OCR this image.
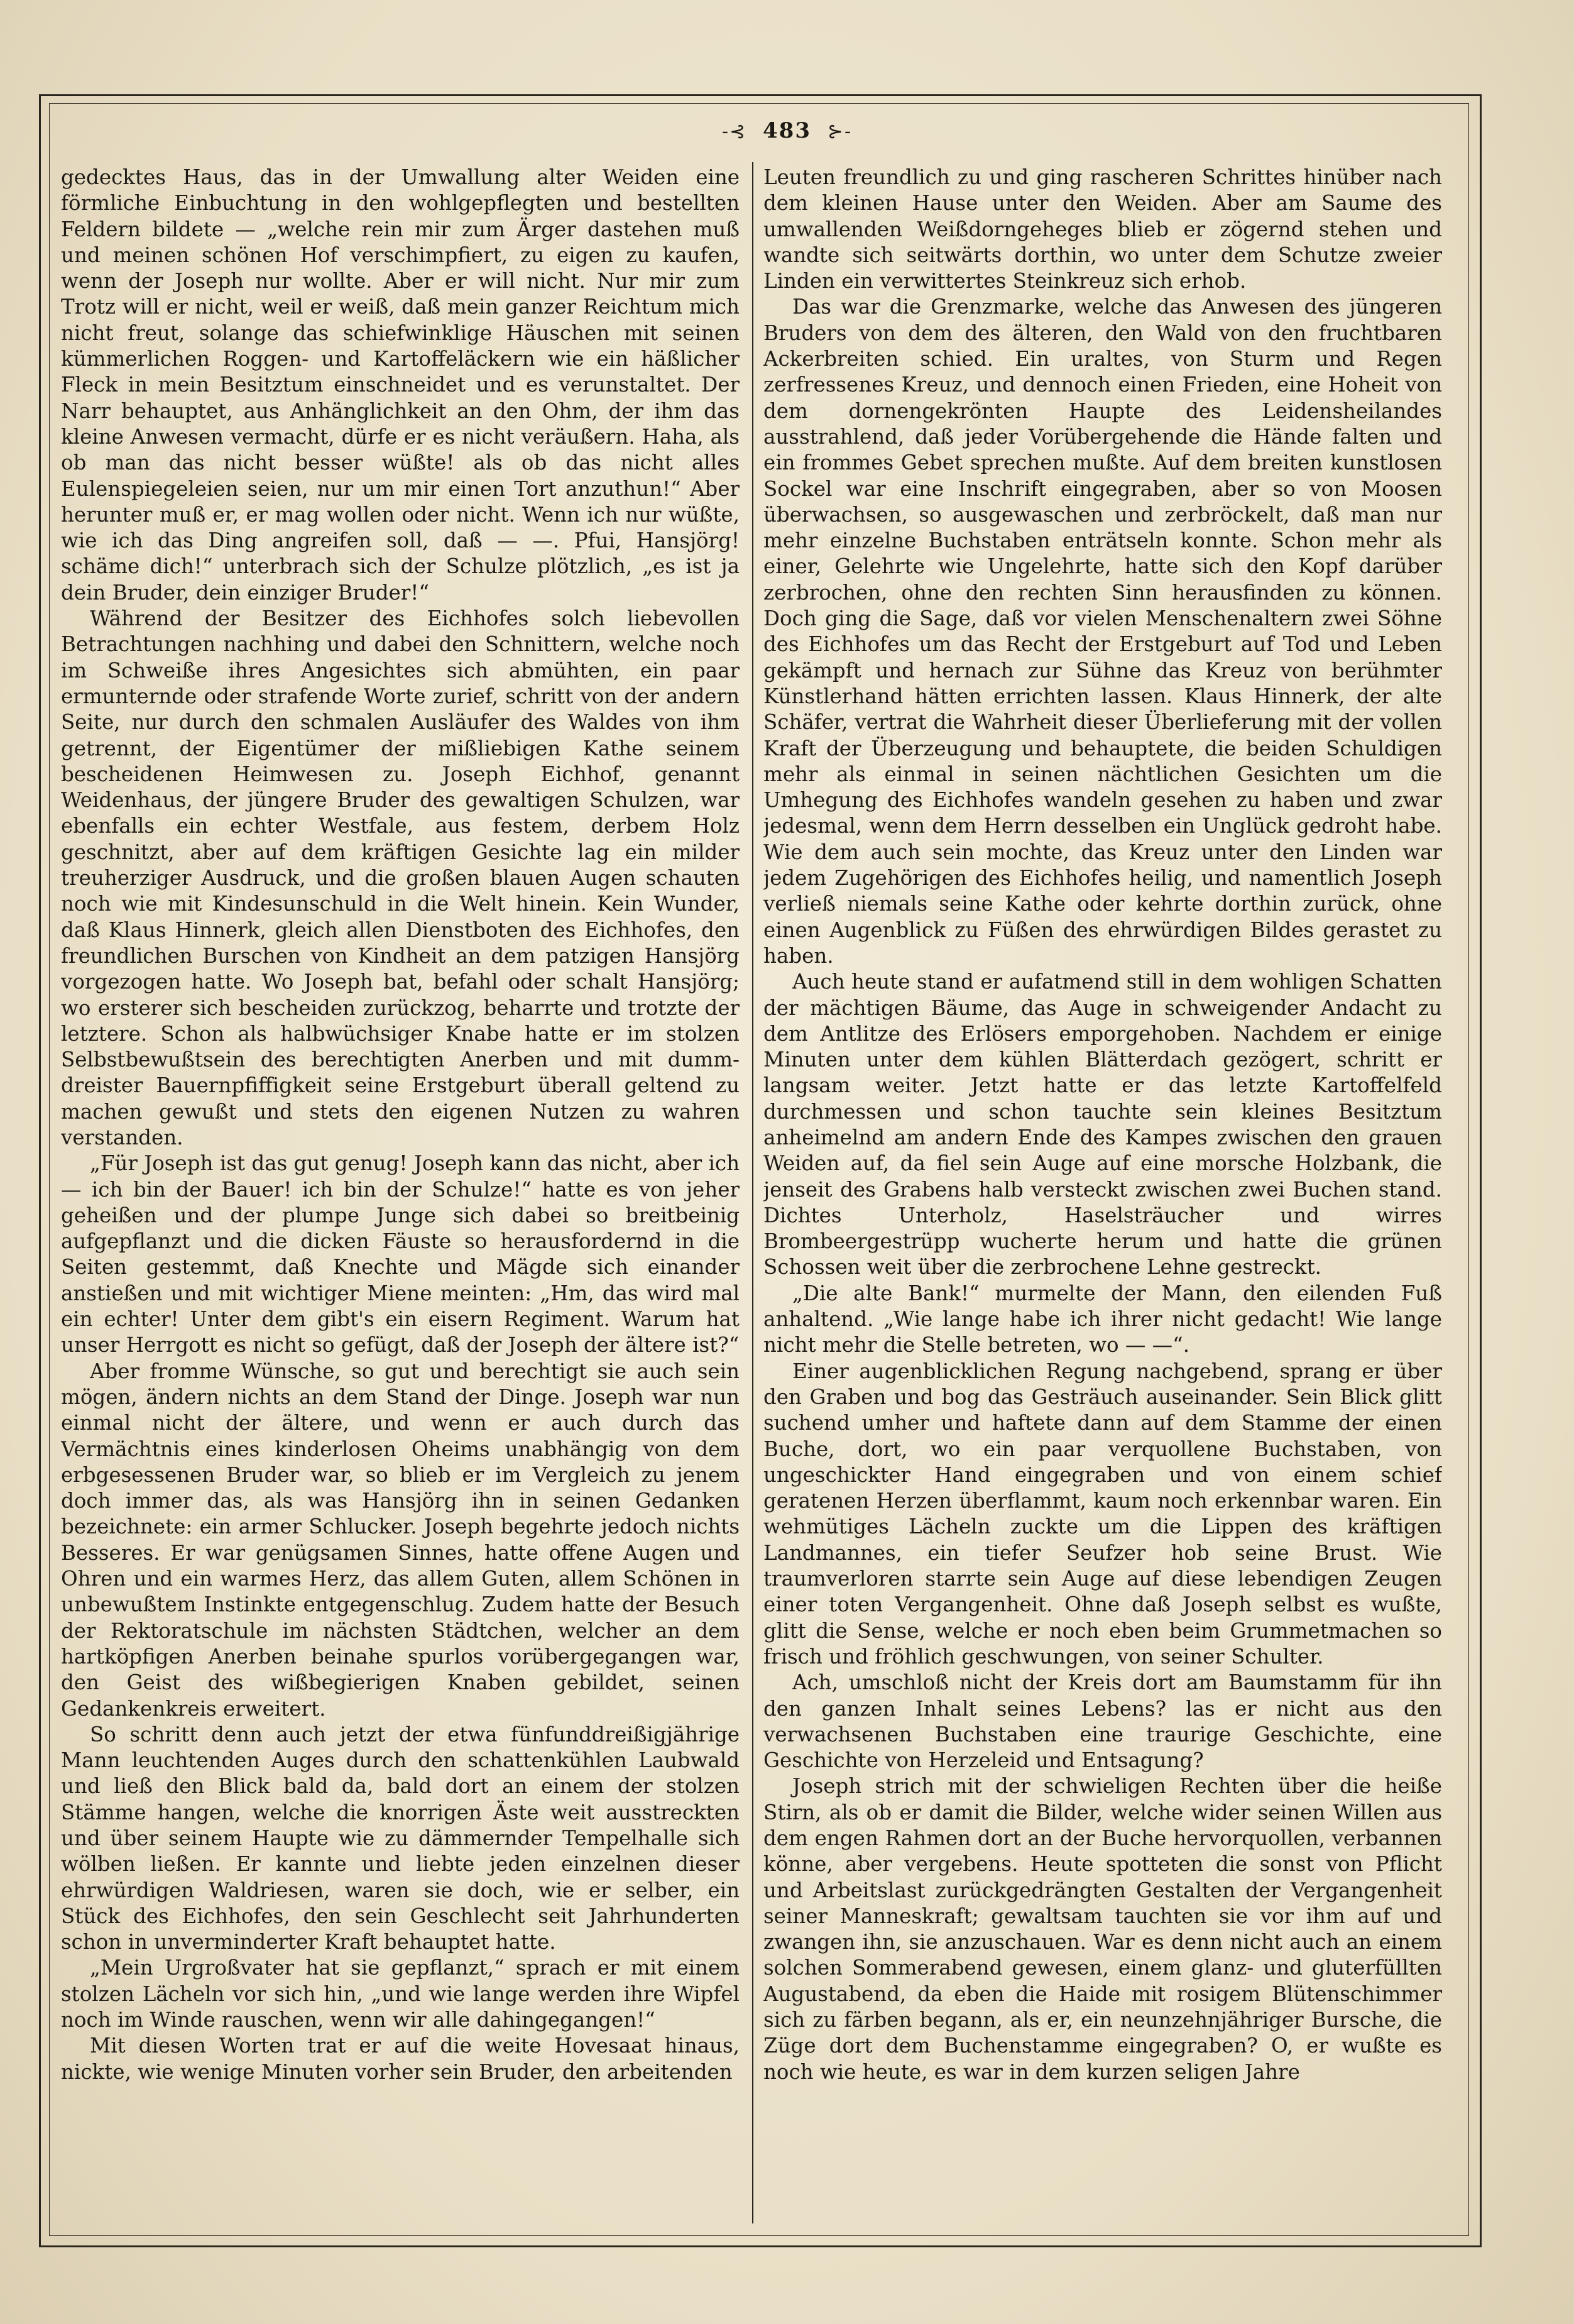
-⊰ 483 ⊱-

gedecktes Haus, das in der Umwallung alter Weiden eine förmliche Einbuchtung in den wohlgepflegten und bestellten Feldern bildete — „welche rein mir zum Ärger dastehen muß und meinen schönen Hof verschimpfiert, zu eigen zu kaufen, wenn der Joseph nur wollte. Aber er will nicht. Nur mir zum Trotz will er nicht, weil er weiß, daß mein ganzer Reichtum mich nicht freut, solange das schiefwinklige Häuschen mit seinen kümmerlichen Roggen- und Kartoffeläckern wie ein häßlicher Fleck in mein Besitztum einschneidet und es verunstaltet. Der Narr behauptet, aus Anhänglichkeit an den Ohm, der ihm das kleine Anwesen vermacht, dürfe er es nicht veräußern. Haha, als ob man das nicht besser wüßte! als ob das nicht alles Eulenspiegeleien seien, nur um mir einen Tort anzuthun!“ Aber herunter muß er, er mag wollen oder nicht. Wenn ich nur wüßte, wie ich das Ding angreifen soll, daß — —. Pfui, Hansjörg! schäme dich!“ unterbrach sich der Schulze plötzlich, „es ist ja dein Bruder, dein einziger Bruder!“

Während der Besitzer des Eichhofes solch liebevollen Betrachtungen nachhing und dabei den Schnittern, welche noch im Schweiße ihres Angesichtes sich abmühten, ein paar ermunternde oder strafende Worte zurief, schritt von der andern Seite, nur durch den schmalen Ausläufer des Waldes von ihm getrennt, der Eigentümer der mißliebigen Kathe seinem bescheidenen Heimwesen zu. Joseph Eichhof, genannt Weidenhaus, der jüngere Bruder des gewaltigen Schulzen, war ebenfalls ein echter Westfale, aus festem, derbem Holz geschnitzt, aber auf dem kräftigen Gesichte lag ein milder treuherziger Ausdruck, und die großen blauen Augen schauten noch wie mit Kindesunschuld in die Welt hinein. Kein Wunder, daß Klaus Hinnerk, gleich allen Dienstboten des Eichhofes, den freundlichen Burschen von Kindheit an dem patzigen Hansjörg vorgezogen hatte. Wo Joseph bat, befahl oder schalt Hansjörg; wo ersterer sich bescheiden zurückzog, beharrte und trotzte der letztere. Schon als halbwüchsiger Knabe hatte er im stolzen Selbstbewußtsein des berechtigten Anerben und mit dumm-dreister Bauernpfiffigkeit seine Erstgeburt überall geltend zu machen gewußt und stets den eigenen Nutzen zu wahren verstanden.

„Für Joseph ist das gut genug! Joseph kann das nicht, aber ich — ich bin der Bauer! ich bin der Schulze!“ hatte es von jeher geheißen und der plumpe Junge sich dabei so breitbeinig aufgepflanzt und die dicken Fäuste so herausfordernd in die Seiten gestemmt, daß Knechte und Mägde sich einander anstießen und mit wichtiger Miene meinten: „Hm, das wird mal ein echter! Unter dem gibt's ein eisern Regiment. Warum hat unser Herrgott es nicht so gefügt, daß der Joseph der ältere ist?“

Aber fromme Wünsche, so gut und berechtigt sie auch sein mögen, ändern nichts an dem Stand der Dinge. Joseph war nun einmal nicht der ältere, und wenn er auch durch das Vermächtnis eines kinderlosen Oheims unabhängig von dem erbgesessenen Bruder war, so blieb er im Vergleich zu jenem doch immer das, als was Hansjörg ihn in seinen Gedanken bezeichnete: ein armer Schlucker. Joseph begehrte jedoch nichts Besseres. Er war genügsamen Sinnes, hatte offene Augen und Ohren und ein warmes Herz, das allem Guten, allem Schönen in unbewußtem Instinkte entgegenschlug. Zudem hatte der Besuch der Rektoratschule im nächsten Städtchen, welcher an dem hartköpfigen Anerben beinahe spurlos vorübergegangen war, den Geist des wißbegierigen Knaben gebildet, seinen Gedankenkreis erweitert.

So schritt denn auch jetzt der etwa fünfunddreißigjährige Mann leuchtenden Auges durch den schattenkühlen Laubwald und ließ den Blick bald da, bald dort an einem der stolzen Stämme hangen, welche die knorrigen Äste weit ausstreckten und über seinem Haupte wie zu dämmernder Tempelhalle sich wölben ließen. Er kannte und liebte jeden einzelnen dieser ehrwürdigen Waldriesen, waren sie doch, wie er selber, ein Stück des Eichhofes, den sein Geschlecht seit Jahrhunderten schon in unverminderter Kraft behauptet hatte.

„Mein Urgroßvater hat sie gepflanzt,“ sprach er mit einem stolzen Lächeln vor sich hin, „und wie lange werden ihre Wipfel noch im Winde rauschen, wenn wir alle dahingegangen!“

Mit diesen Worten trat er auf die weite Hovesaat hinaus, nickte, wie wenige Minuten vorher sein Bruder, den arbeitenden

Leuten freundlich zu und ging rascheren Schrittes hinüber nach dem kleinen Hause unter den Weiden. Aber am Saume des umwallenden Weißdorngeheges blieb er zögernd stehen und wandte sich seitwärts dorthin, wo unter dem Schutze zweier Linden ein verwittertes Steinkreuz sich erhob.

Das war die Grenzmarke, welche das Anwesen des jüngeren Bruders von dem des älteren, den Wald von den fruchtbaren Ackerbreiten schied. Ein uraltes, von Sturm und Regen zerfressenes Kreuz, und dennoch einen Frieden, eine Hoheit von dem dornengekrönten Haupte des Leidensheilandes ausstrahlend, daß jeder Vorübergehende die Hände falten und ein frommes Gebet sprechen mußte. Auf dem breiten kunstlosen Sockel war eine Inschrift eingegraben, aber so von Moosen überwachsen, so ausgewaschen und zerbröckelt, daß man nur mehr einzelne Buchstaben enträtseln konnte. Schon mehr als einer, Gelehrte wie Ungelehrte, hatte sich den Kopf darüber zerbrochen, ohne den rechten Sinn herausfinden zu können. Doch ging die Sage, daß vor vielen Menschenaltern zwei Söhne des Eichhofes um das Recht der Erstgeburt auf Tod und Leben gekämpft und hernach zur Sühne das Kreuz von berühmter Künstlerhand hätten errichten lassen. Klaus Hinnerk, der alte Schäfer, vertrat die Wahrheit dieser Überlieferung mit der vollen Kraft der Überzeugung und behauptete, die beiden Schuldigen mehr als einmal in seinen nächtlichen Gesichten um die Umhegung des Eichhofes wandeln gesehen zu haben und zwar jedesmal, wenn dem Herrn desselben ein Unglück gedroht habe. Wie dem auch sein mochte, das Kreuz unter den Linden war jedem Zugehörigen des Eichhofes heilig, und namentlich Joseph verließ niemals seine Kathe oder kehrte dorthin zurück, ohne einen Augenblick zu Füßen des ehrwürdigen Bildes gerastet zu haben.

Auch heute stand er aufatmend still in dem wohligen Schatten der mächtigen Bäume, das Auge in schweigender Andacht zu dem Antlitze des Erlösers emporgehoben. Nachdem er einige Minuten unter dem kühlen Blätterdach gezögert, schritt er langsam weiter. Jetzt hatte er das letzte Kartoffelfeld durchmessen und schon tauchte sein kleines Besitztum anheimelnd am andern Ende des Kampes zwischen den grauen Weiden auf, da fiel sein Auge auf eine morsche Holzbank, die jenseit des Grabens halb versteckt zwischen zwei Buchen stand. Dichtes Unterholz, Haselsträucher und wirres Brombeergestrüpp wucherte herum und hatte die grünen Schossen weit über die zerbrochene Lehne gestreckt.

„Die alte Bank!“ murmelte der Mann, den eilenden Fuß anhaltend. „Wie lange habe ich ihrer nicht gedacht! Wie lange nicht mehr die Stelle betreten, wo — —“.

Einer augenblicklichen Regung nachgebend, sprang er über den Graben und bog das Gesträuch auseinander. Sein Blick glitt suchend umher und haftete dann auf dem Stamme der einen Buche, dort, wo ein paar verquollene Buchstaben, von ungeschickter Hand eingegraben und von einem schief geratenen Herzen überflammt, kaum noch erkennbar waren. Ein wehmütiges Lächeln zuckte um die Lippen des kräftigen Landmannes, ein tiefer Seufzer hob seine Brust. Wie traumverloren starrte sein Auge auf diese lebendigen Zeugen einer toten Vergangenheit. Ohne daß Joseph selbst es wußte, glitt die Sense, welche er noch eben beim Grummetmachen so frisch und fröhlich geschwungen, von seiner Schulter.

Ach, umschloß nicht der Kreis dort am Baumstamm für ihn den ganzen Inhalt seines Lebens? las er nicht aus den verwachsenen Buchstaben eine traurige Geschichte, eine Geschichte von Herzeleid und Entsagung?

Joseph strich mit der schwieligen Rechten über die heiße Stirn, als ob er damit die Bilder, welche wider seinen Willen aus dem engen Rahmen dort an der Buche hervorquollen, verbannen könne, aber vergebens. Heute spotteten die sonst von Pflicht und Arbeitslast zurückgedrängten Gestalten der Vergangenheit seiner Manneskraft; gewaltsam tauchten sie vor ihm auf und zwangen ihn, sie anzuschauen. War es denn nicht auch an einem solchen Sommerabend gewesen, einem glanz- und gluterfüllten Augustabend, da eben die Haide mit rosigem Blütenschimmer sich zu färben begann, als er, ein neunzehnjähriger Bursche, die Züge dort dem Buchenstamme eingegraben? O, er wußte es noch wie heute, es war in dem kurzen seligen Jahre
